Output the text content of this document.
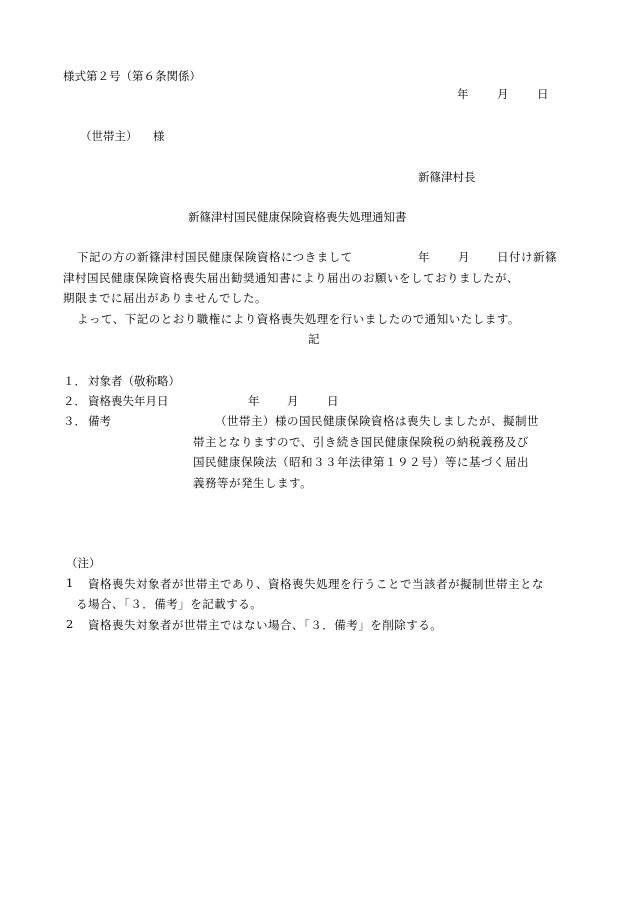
様式第２号（第６条関係）
年 月 日
（世帯主） 様
新篠津村長
新篠津村国民健康保険資格喪失処理通知書
下記の方の新篠津村国民健康保険資格につきまして	年 月 日付け新篠
津村国民健康保険資格喪失届出勧奨通知書により届出のお願いをしておりましたが、
期限までに届出がありませんでした。
よって、下記のとおり職権により資格喪失処理を行いましたので通知いたします。
記
１． 対象者（敬称略）
２． 資格喪失年月日	年 月 日
３． 備考	（世帯主）様の国民健康保険資格は喪失しましたが、擬制世
帯主となりますので、引き続き国民健康保険税の納税義務及び
国民健康保険法（昭和３３年法律第１９２号）等に基づく届出
義務等が発生します。
（注）
1 資格喪失対象者が世帯主であり、資格喪失処理を行うことで当該者が擬制世帯主とな
る場合、「３．備考」を記載する。
2 資格喪失対象者が世帯主ではない場合、「３．備考」を削除する。
